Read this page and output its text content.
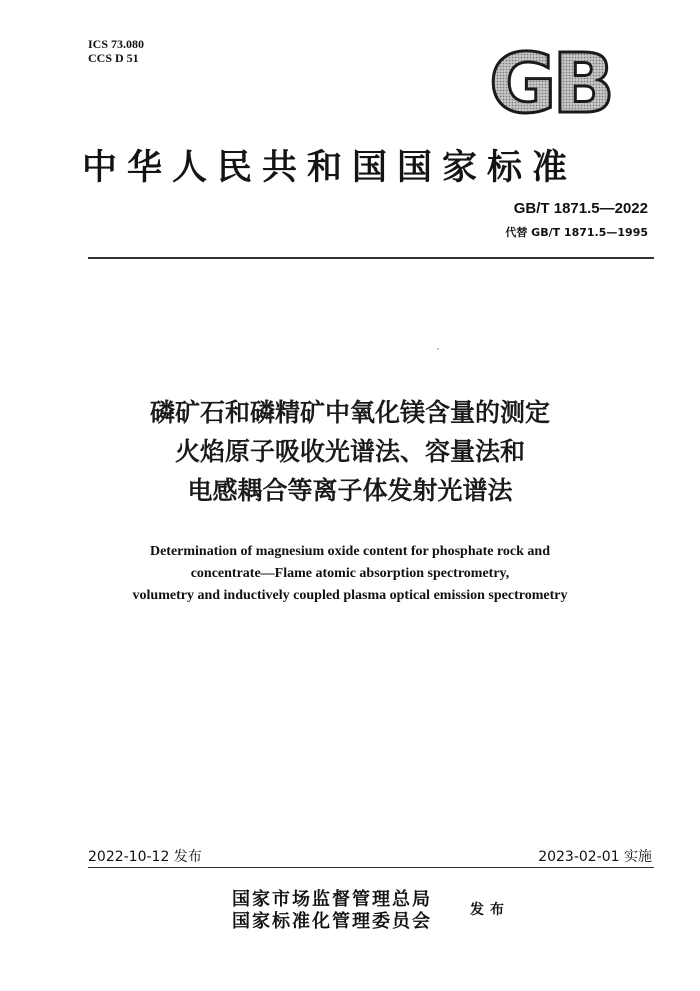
ICS 73.080
CCS D 51	GB
中华人民共和国国家标准
GB/T 1871.5—2022
代替 GB/T 1871.5—1995
磷矿石和磷精矿中氧化镁含量的测定
火焰原子吸收光谱法、容量法和
电感耦合等离子体发射光谱法
Determination of magnesium oxide content for phosphate rock and
concentrate—Flame atomic absorption spectrometry,
volumetry and inductively coupled plasma optical emission spectrometry
2022-10-12 发布	2023-02-01 实施
国家市场监督管理总局
国家标准化管理委员会
发布
